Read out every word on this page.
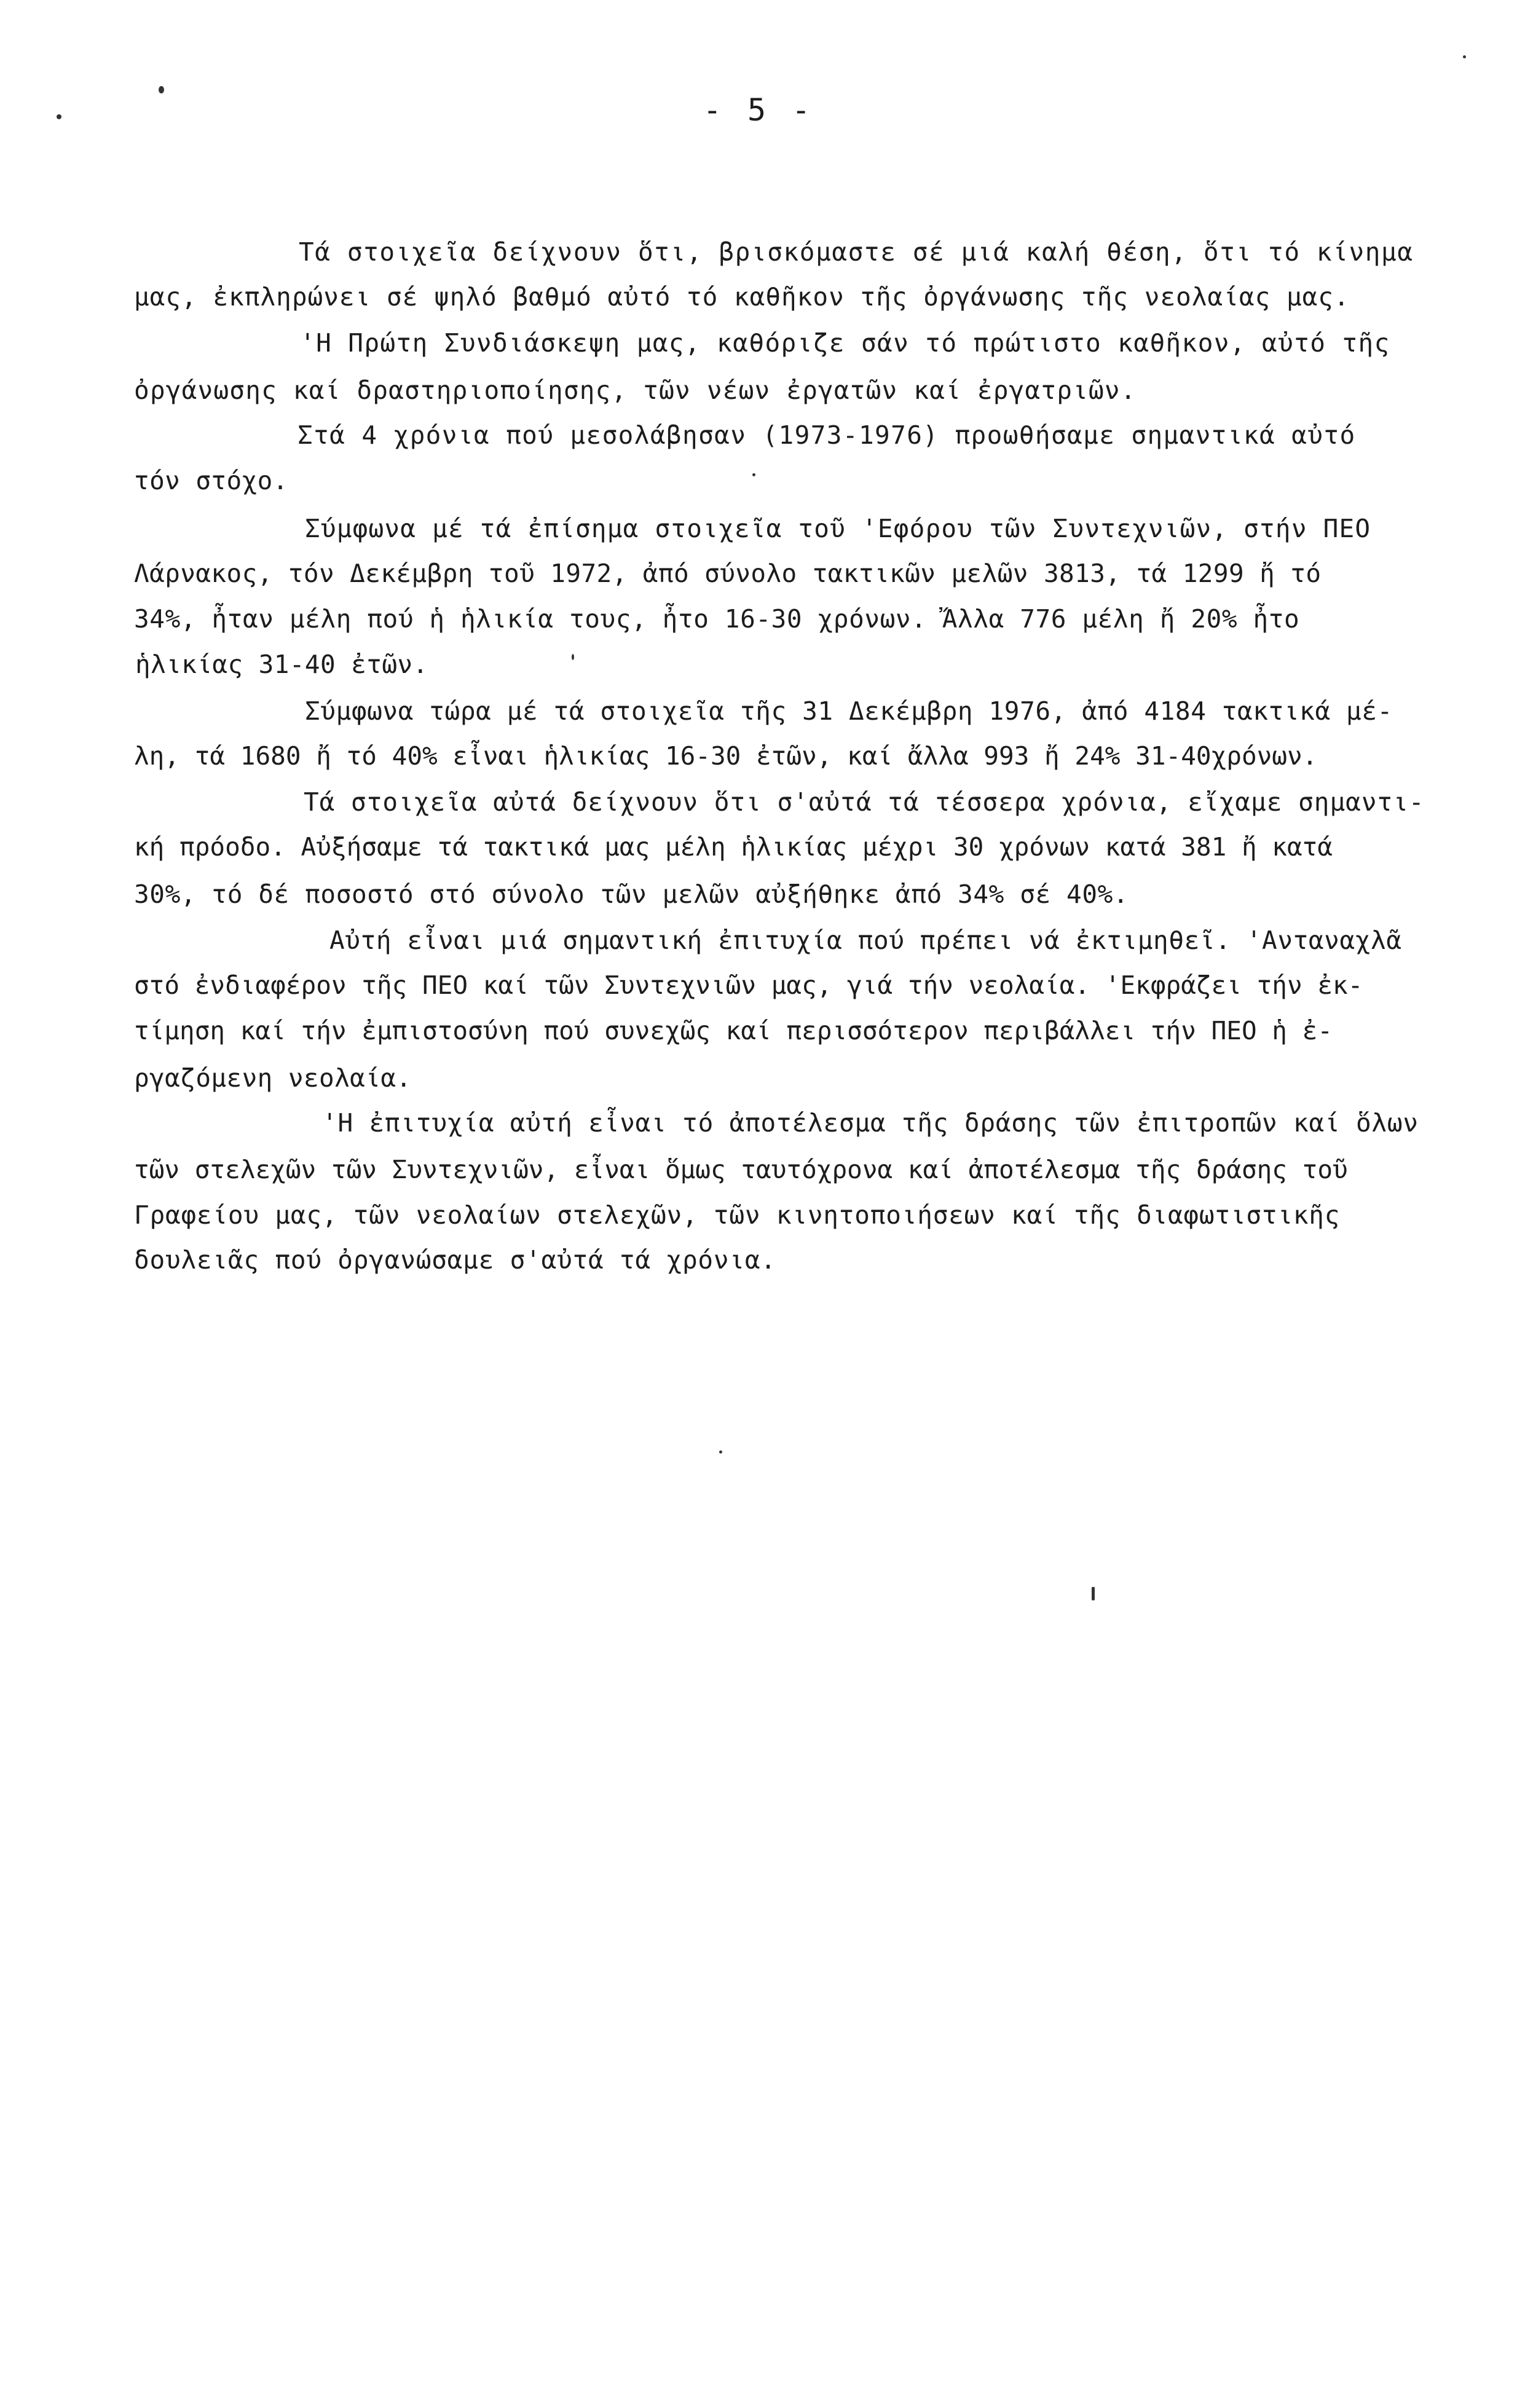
- 5 -
Τά στοιχεῖα δείχνουν ὅτι, βρισκόμαστε σέ μιά καλή θέση, ὅτι τό κίνημα
μας, ἐκπληρώνει σέ ψηλό βαθμό αὐτό τό καθῆκον τῆς ὀργάνωσης τῆς νεολαίας μας.
'Η Πρώτη Συνδιάσκεψη μας, καθόριζε σάν τό πρώτιστο καθῆκον, αὐτό τῆς
ὀργάνωσης καί δραστηριοποίησης, τῶν νέων ἐργατῶν καί ἐργατριῶν.
Στά 4 χρόνια πού μεσολάβησαν (1973-1976) προωθήσαμε σημαντικά αὐτό
τόν στόχο.
Σύμφωνα μέ τά ἐπίσημα στοιχεῖα τοῦ 'Εφόρου τῶν Συντεχνιῶν, στήν ΠΕΟ
Λάρνακος, τόν Δεκέμβρη τοῦ 1972, ἀπό σύνολο τακτικῶν μελῶν 3813, τά 1299 ἤ τό
34%, ἦταν μέλη πού ἡ ἡλικία τους, ἦτο 16-30 χρόνων. Ἄλλα 776 μέλη ἤ 20% ἦτο
ἡλικίας 31-40 ἐτῶν.
Σύμφωνα τώρα μέ τά στοιχεῖα τῆς 31 Δεκέμβρη 1976, ἀπό 4184 τακτικά μέ-
λη, τά 1680 ἤ τό 40% εἶναι ἡλικίας 16-30 ἐτῶν, καί ἄλλα 993 ἤ 24% 31-40χρόνων.
Τά στοιχεῖα αὐτά δείχνουν ὅτι σ'αὐτά τά τέσσερα χρόνια, εἴχαμε σημαντι-
κή πρόοδο. Αὐξήσαμε τά τακτικά μας μέλη ἡλικίας μέχρι 30 χρόνων κατά 381 ἤ κατά
30%, τό δέ ποσοστό στό σύνολο τῶν μελῶν αὐξήθηκε ἀπό 34% σέ 40%.
Αὐτή εἶναι μιά σημαντική ἐπιτυχία πού πρέπει νά ἐκτιμηθεῖ. 'Ανταναχλᾶ
στό ἐνδιαφέρον τῆς ΠΕΟ καί τῶν Συντεχνιῶν μας, γιά τήν νεολαία. 'Εκφράζει τήν ἐκ-
τίμηση καί τήν ἐμπιστοσύνη πού συνεχῶς καί περισσότερον περιβάλλει τήν ΠΕΟ ἡ ἐ-
ργαζόμενη νεολαία.
'Η ἐπιτυχία αὐτή εἶναι τό ἀποτέλεσμα τῆς δράσης τῶν ἐπιτροπῶν καί ὅλων
τῶν στελεχῶν τῶν Συντεχνιῶν, εἶναι ὅμως ταυτόχρονα καί ἀποτέλεσμα τῆς δράσης τοῦ
Γραφείου μας, τῶν νεολαίων στελεχῶν, τῶν κινητοποιήσεων καί τῆς διαφωτιστικῆς
δουλειᾶς πού ὀργανώσαμε σ'αὐτά τά χρόνια.
